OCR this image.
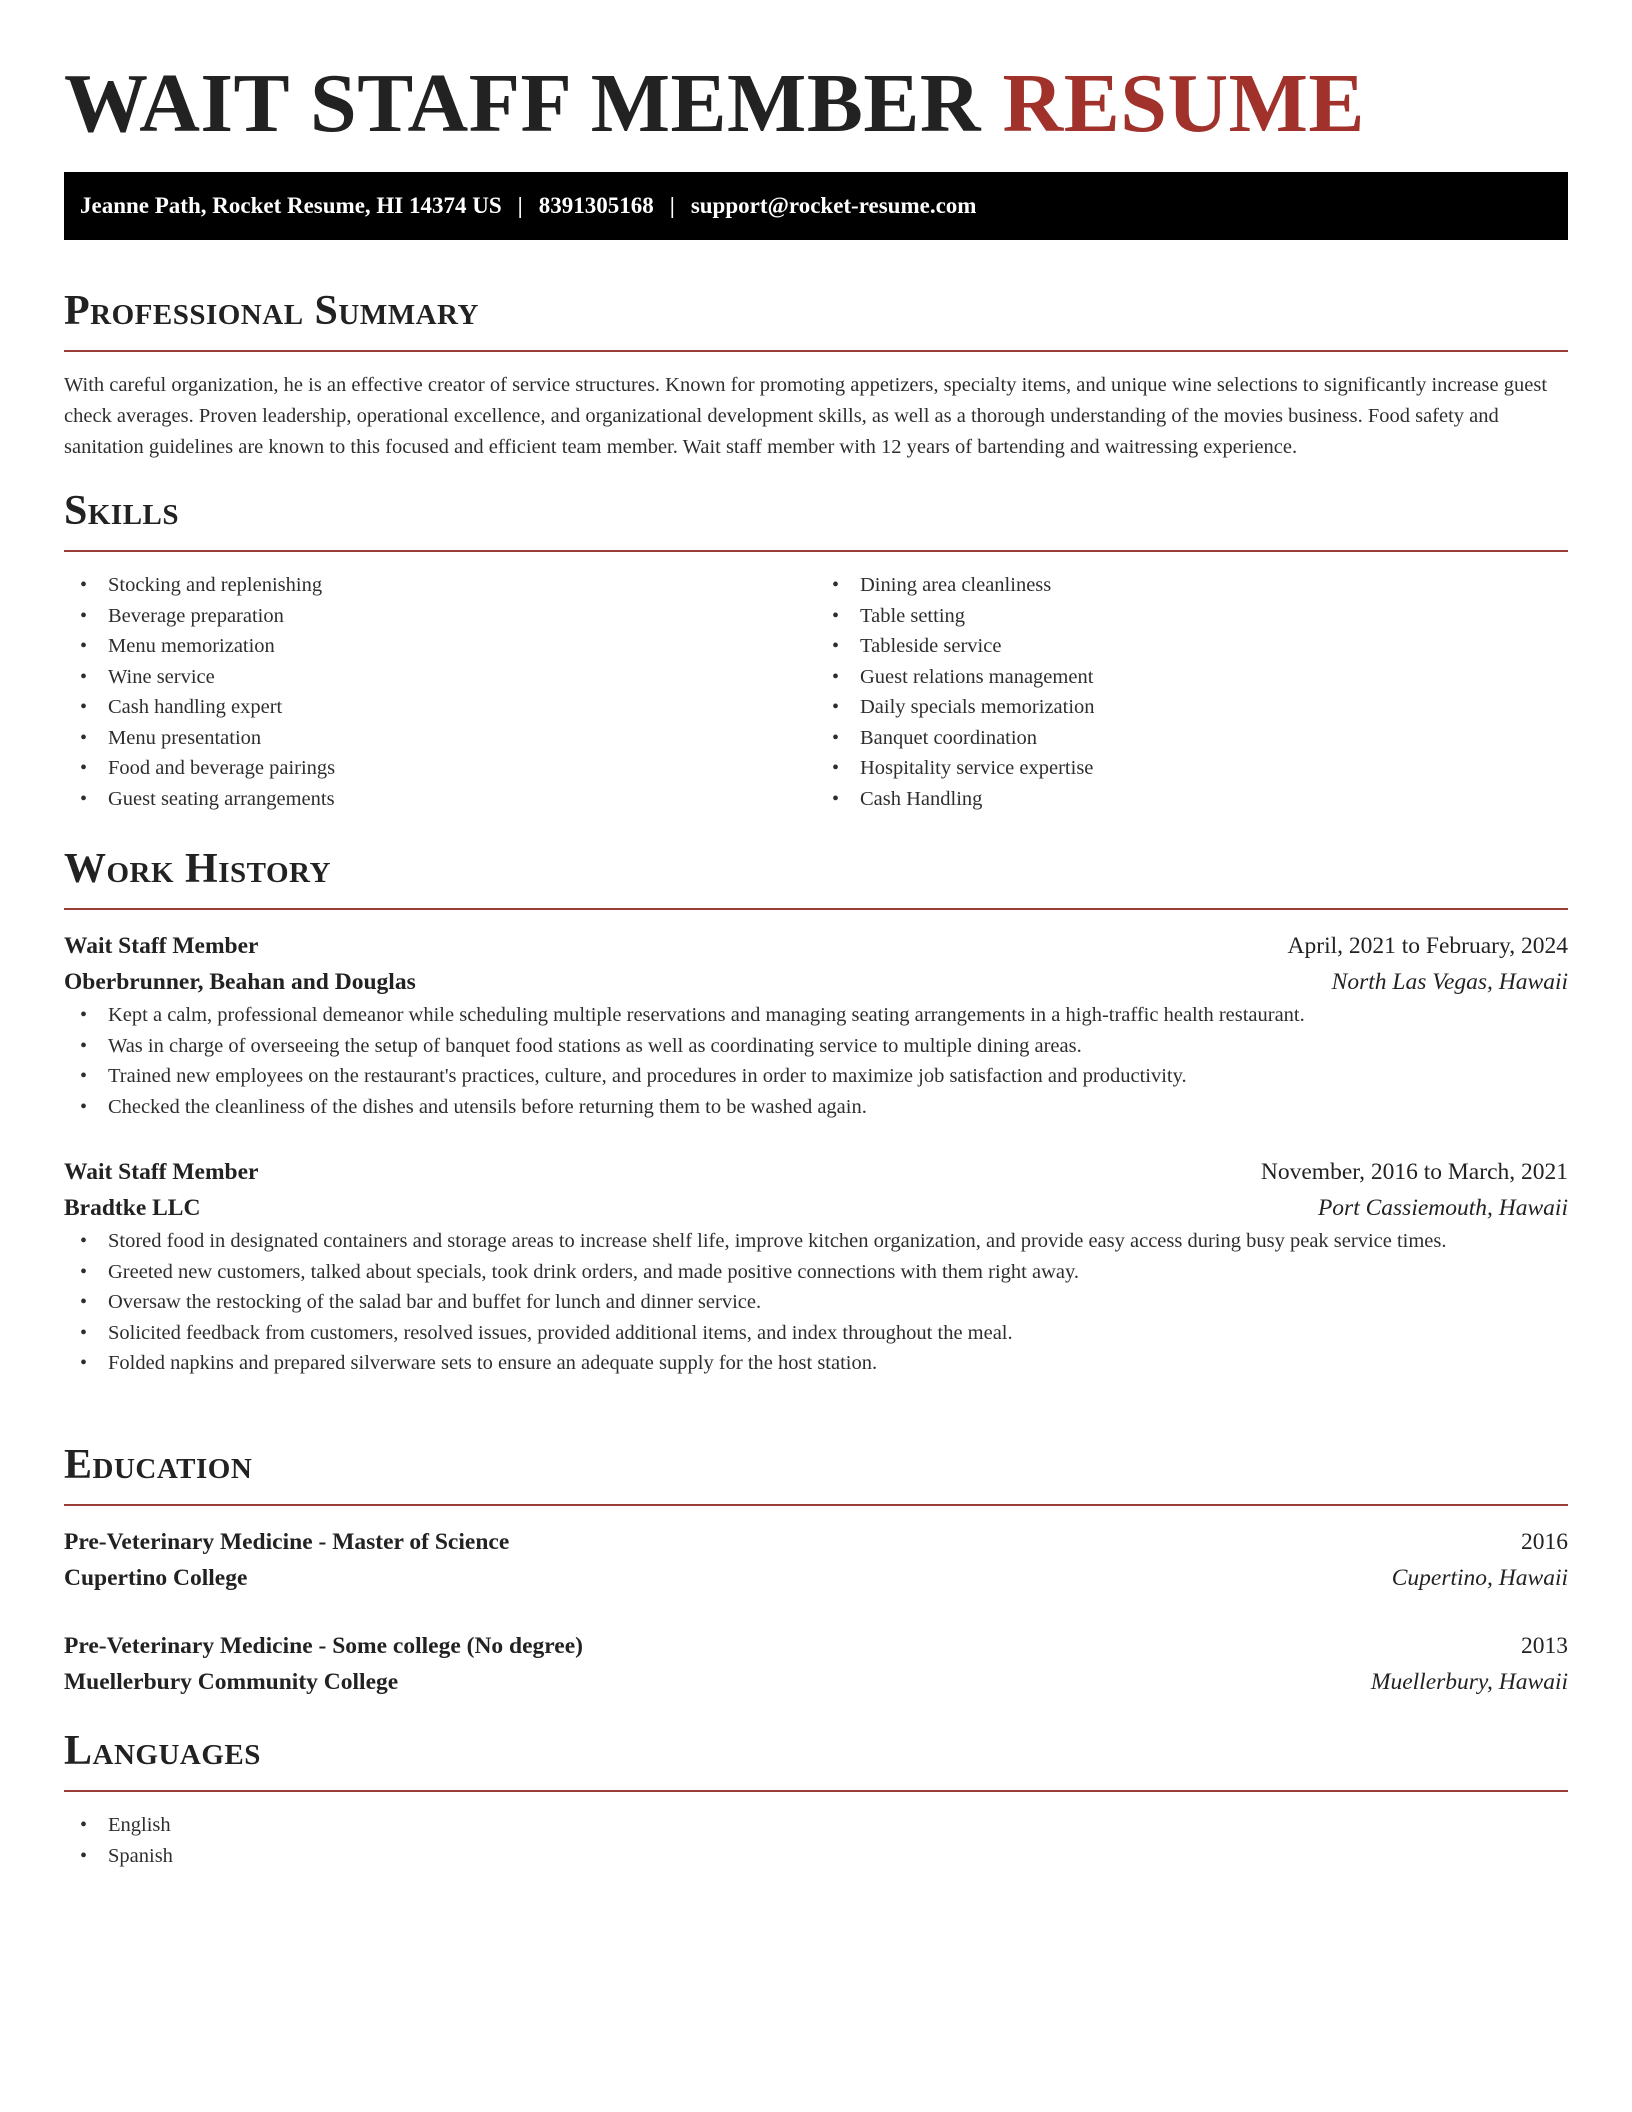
WAIT STAFF MEMBER RESUME
Jeanne Path, Rocket Resume, HI 14374 US | 8391305168 | support@rocket-resume.com
Professional Summary

With careful organization, he is an effective creator of service structures. Known for promoting appetizers, specialty items, and unique wine selections to significantly increase guest check averages. Proven leadership, operational excellence, and organizational development skills, as well as a thorough understanding of the movies business. Food safety and sanitation guidelines are known to this focused and efficient team member. Wait staff member with 12 years of bartending and waitressing experience.

Skills
• Stocking and replenishing
• Beverage preparation
• Menu memorization
• Wine service
• Cash handling expert
• Menu presentation
• Food and beverage pairings
• Guest seating arrangements
• Dining area cleanliness
• Table setting
• Tableside service
• Guest relations management
• Daily specials memorization
• Banquet coordination
• Hospitality service expertise
• Cash Handling
Work History
Wait Staff Member	April, 2021 to February, 2024
Oberbrunner, Beahan and Douglas	North Las Vegas, Hawaii
• Kept a calm, professional demeanor while scheduling multiple reservations and managing seating arrangements in a high-traffic health restaurant.
• Was in charge of overseeing the setup of banquet food stations as well as coordinating service to multiple dining areas.
• Trained new employees on the restaurant's practices, culture, and procedures in order to maximize job satisfaction and productivity.
• Checked the cleanliness of the dishes and utensils before returning them to be washed again.
Wait Staff Member	November, 2016 to March, 2021
Bradtke LLC	Port Cassiemouth, Hawaii
• Stored food in designated containers and storage areas to increase shelf life, improve kitchen organization, and provide easy access during busy peak service times.
• Greeted new customers, talked about specials, took drink orders, and made positive connections with them right away.
• Oversaw the restocking of the salad bar and buffet for lunch and dinner service.
• Solicited feedback from customers, resolved issues, provided additional items, and index throughout the meal.
• Folded napkins and prepared silverware sets to ensure an adequate supply for the host station.
Education
Pre-Veterinary Medicine - Master of Science	2016
Cupertino College	Cupertino, Hawaii
Pre-Veterinary Medicine - Some college (No degree)	2013
Muellerbury Community College	Muellerbury, Hawaii
Languages
• English
• Spanish
